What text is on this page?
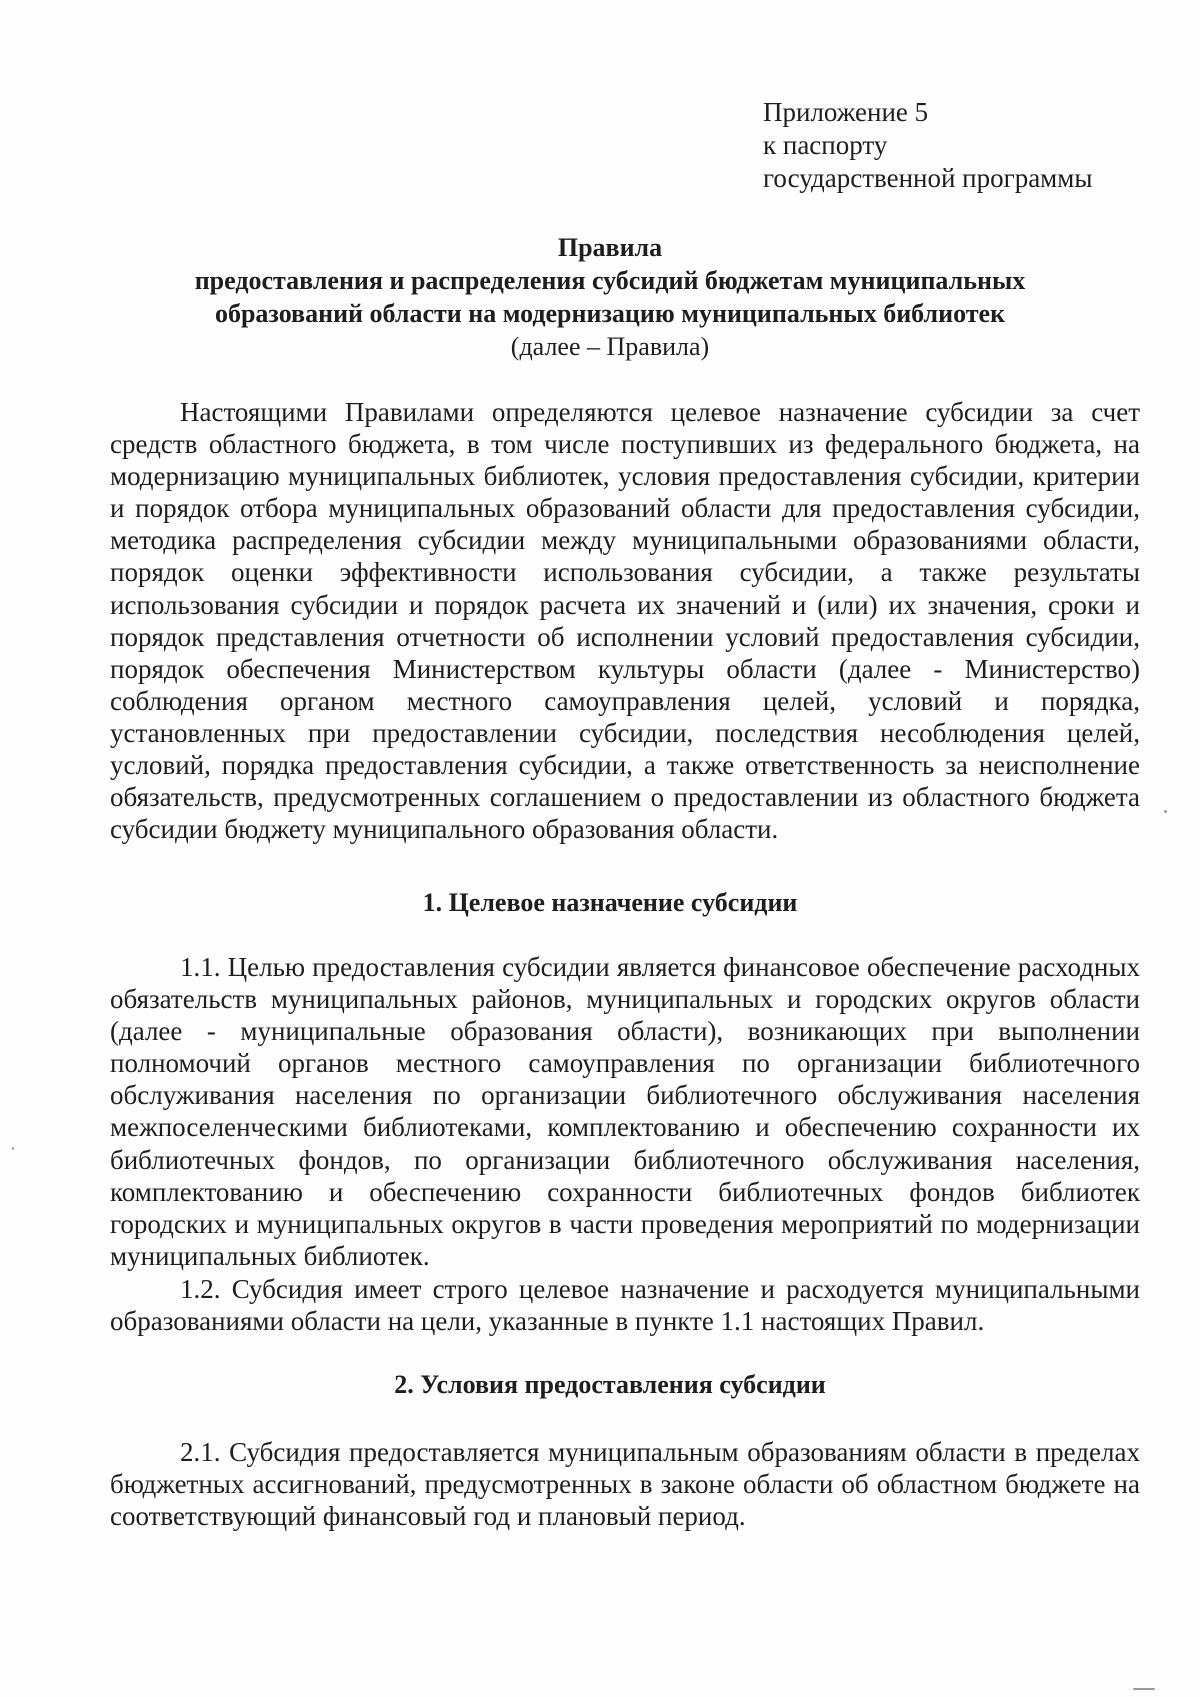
Приложение 5
к паспорту
государственной программы
Правила
предоставления и распределения субсидий бюджетам муниципальных
образований области на модернизацию муниципальных библиотек
(далее – Правила)

Настоящими Правилами определяются целевое назначение субсидии за счет средств областного бюджета, в том числе поступивших из федерального бюджета, на модернизацию муниципальных библиотек, условия предоставления субсидии, критерии и порядок отбора муниципальных образований области для предоставления субсидии, методика распределения субсидии между муниципальными образованиями области, порядок оценки эффективности использования субсидии, а также результаты использования субсидии и порядок расчета их значений и (или) их значения, сроки и порядок представления отчетности об исполнении условий предоставления субсидии, порядок обеспечения Министерством культуры области (далее - Министерство) соблюдения органом местного самоуправления целей, условий и порядка, установленных при предоставлении субсидии, последствия несоблюдения целей, условий, порядка предоставления субсидии, а также ответственность за неисполнение обязательств, предусмотренных соглашением о предоставлении из областного бюджета субсидии бюджету муниципального образования области.

1. Целевое назначение субсидии

1.1. Целью предоставления субсидии является финансовое обеспечение расходных обязательств муниципальных районов, муниципальных и городских округов области (далее - муниципальные образования области), возникающих при выполнении полномочий органов местного самоуправления по организации библиотечного обслуживания населения по организации библиотечного обслуживания населения межпоселенческими библиотеками, комплектованию и обеспечению сохранности их библиотечных фондов, по организации библиотечного обслуживания населения, комплектованию и обеспечению сохранности библиотечных фондов библиотек городских и муниципальных округов в части проведения мероприятий по модернизации муниципальных библиотек.

1.2. Субсидия имеет строго целевое назначение и расходуется муниципальными образованиями области на цели, указанные в пункте 1.1 настоящих Правил.

2. Условия предоставления субсидии

2.1. Субсидия предоставляется муниципальным образованиям области в пределах бюджетных ассигнований, предусмотренных в законе области об областном бюджете на соответствующий финансовый год и плановый период.
